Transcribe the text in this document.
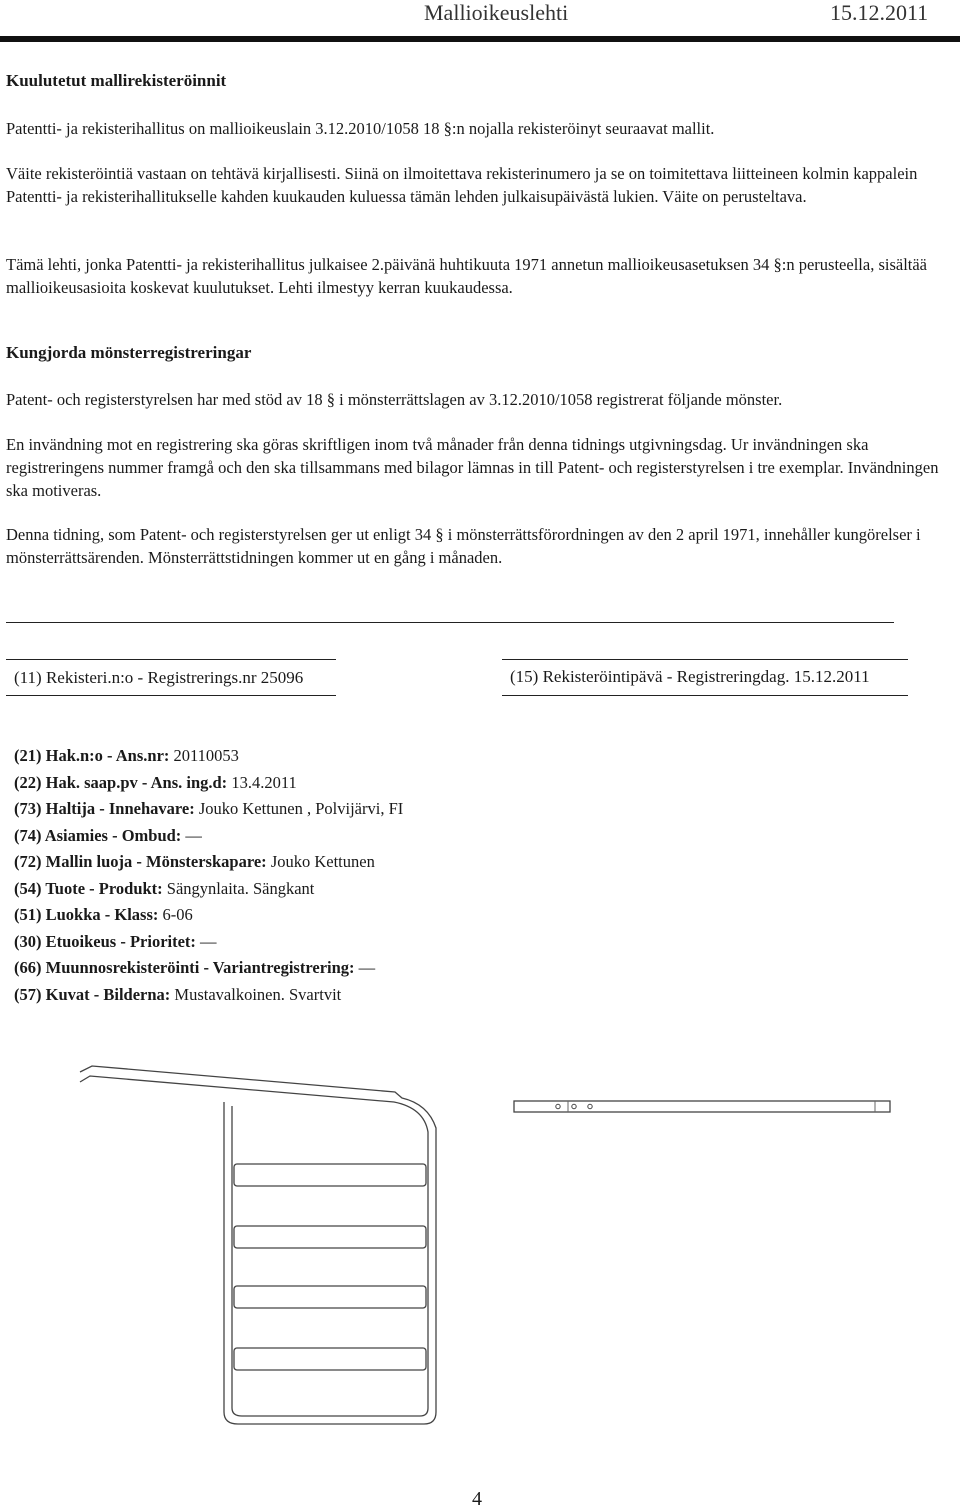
Mallioikeuslehti	15.12.2011
Kuulutetut mallirekisteröinnit

Patentti- ja rekisterihallitus on mallioikeuslain 3.12.2010/1058 18 §:n nojalla rekisteröinyt seuraavat mallit.

Väite rekisteröintiä vastaan on tehtävä kirjallisesti. Siinä on ilmoitettava rekisterinumero ja se on toimitettava liitteineen kolmin kappalein Patentti- ja rekisterihallitukselle kahden kuukauden kuluessa tämän lehden julkaisupäivästä lukien. Väite on perusteltava.

Tämä lehti, jonka Patentti- ja rekisterihallitus julkaisee 2.päivänä huhtikuuta 1971 annetun mallioikeusasetuksen 34 §:n perusteella, sisältää mallioikeusasioita koskevat kuulutukset. Lehti ilmestyy kerran kuukaudessa.

Kungjorda mönsterregistreringar

Patent- och registerstyrelsen har med stöd av 18 § i mönsterrättslagen av 3.12.2010/1058 registrerat följande mönster.

En invändning mot en registrering ska göras skriftligen inom två månader från denna tidnings utgivningsdag. Ur invändningen ska registreringens nummer framgå och den ska tillsammans med bilagor lämnas in till Patent- och registerstyrelsen i tre exemplar. Invändningen ska motiveras.

Denna tidning, som Patent- och registerstyrelsen ger ut enligt 34 § i mönsterrättsförordningen av den 2 april 1971, innehåller kungörelser i mönsterrättsärenden. Mönsterrättstidningen kommer ut en gång i månaden.

(11) Rekisteri.n:o - Registrerings.nr 25096	(15) Rekisteröintipävä - Registreringdag. 15.12.2011
(21) Hak.n:o - Ans.nr: 20110053
(22) Hak. saap.pv - Ans. ing.d: 13.4.2011
(73) Haltija - Innehavare: Jouko Kettunen , Polvijärvi, FI
(74) Asiamies - Ombud: —
(72) Mallin luoja - Mönsterskapare: Jouko Kettunen
(54) Tuote - Produkt: Sängynlaita. Sängkant
(51) Luokka - Klass: 6-06
(30) Etuoikeus - Prioritet: —
(66) Muunnosrekisteröinti - Variantregistrering: —
(57) Kuvat - Bilderna: Mustavalkoinen. Svartvit
4
